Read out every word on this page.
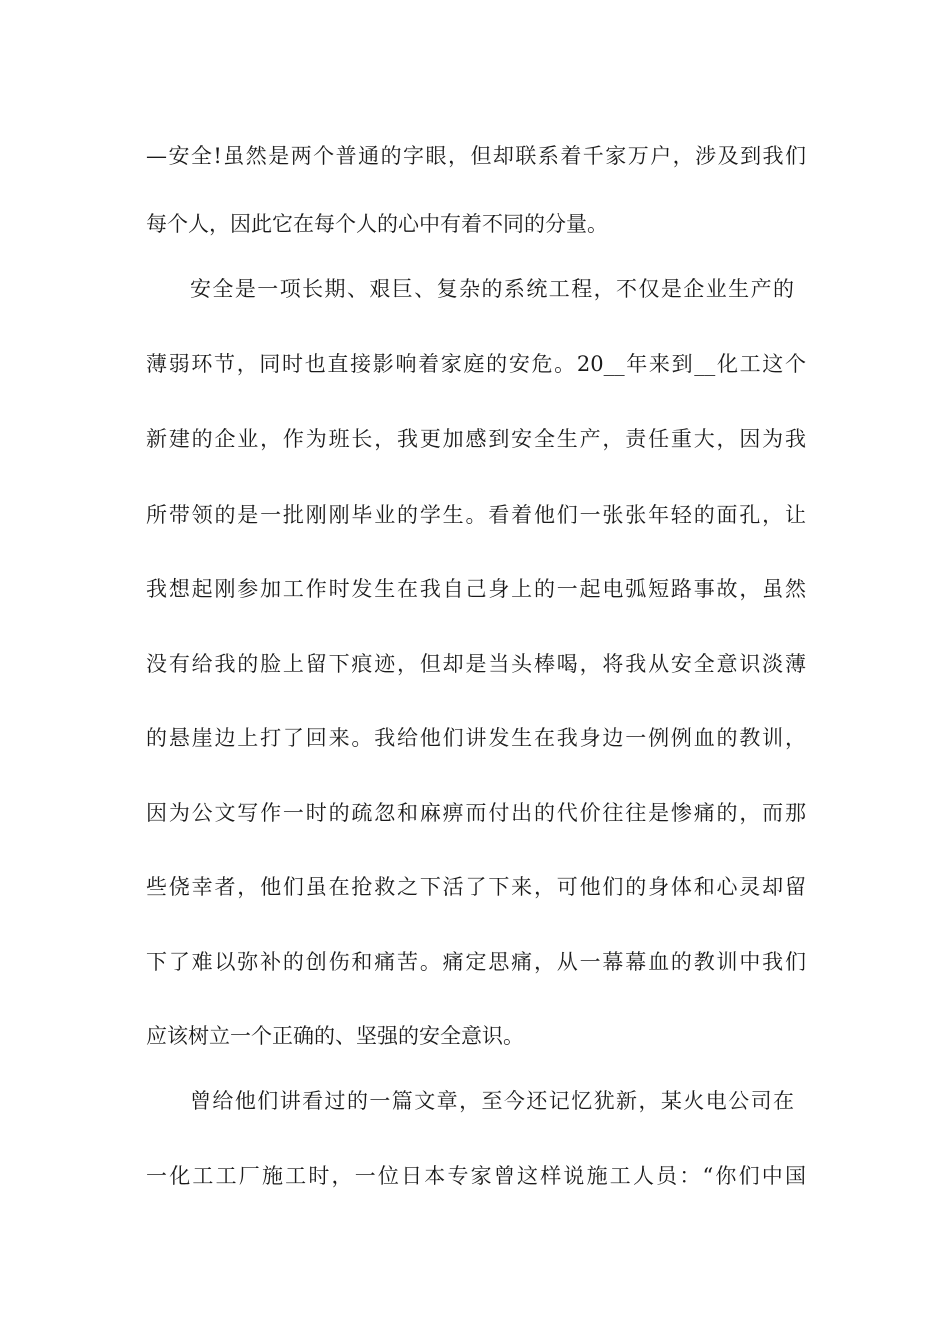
—安全!虽然是两个普通的字眼，但却联系着千家万户，涉及到我们
每个人，因此它在每个人的心中有着不同的分量。
安全是一项长期、艰巨、复杂的系统工程，不仅是企业生产的
薄弱环节，同时也直接影响着家庭的安危。20__年来到__化工这个
新建的企业，作为班长，我更加感到安全生产，责任重大，因为我
所带领的是一批刚刚毕业的学生。看着他们一张张年轻的面孔，让
我想起刚参加工作时发生在我自己身上的一起电弧短路事故，虽然
没有给我的脸上留下痕迹，但却是当头棒喝，将我从安全意识淡薄
的悬崖边上打了回来。我给他们讲发生在我身边一例例血的教训，
因为公文写作一时的疏忽和麻痹而付出的代价往往是惨痛的，而那
些侥幸者，他们虽在抢救之下活了下来，可他们的身体和心灵却留
下了难以弥补的创伤和痛苦。痛定思痛，从一幕幕血的教训中我们
应该树立一个正确的、坚强的安全意识。
曾给他们讲看过的一篇文章，至今还记忆犹新，某火电公司在
一化工工厂施工时，一位日本专家曾这样说施工人员：“你们中国
